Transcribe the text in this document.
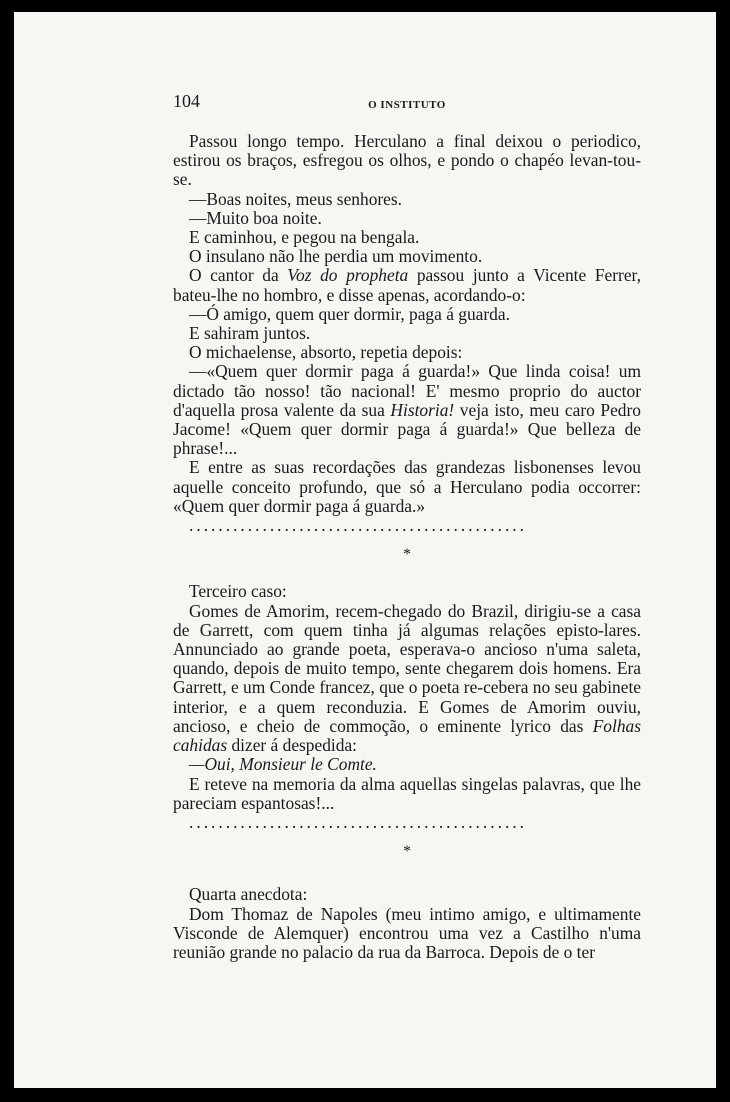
104	O INSTITUTO

Passou longo tempo. Herculano a final deixou o periodico, estirou os braços, esfregou os olhos, e pondo o chapéo levan-tou-se.

—Boas noites, meus senhores.

—Muito boa noite.

E caminhou, e pegou na bengala.

O insulano não lhe perdia um movimento.

O cantor da Voz do propheta passou junto a Vicente Ferrer, bateu-lhe no hombro, e disse apenas, acordando-o:

—Ó amigo, quem quer dormir, paga á guarda.

E sahiram juntos.

O michaelense, absorto, repetia depois:

—«Quem quer dormir paga á guarda!» Que linda coisa! um dictado tão nosso! tão nacional! E' mesmo proprio do auctor d'aquella prosa valente da sua Historia! veja isto, meu caro Pedro Jacome! «Quem quer dormir paga á guarda!» Que belleza de phrase!...

E entre as suas recordações das grandezas lisbonenses levou aquelle conceito profundo, que só a Herculano podia occorrer: «Quem quer dormir paga á guarda.»

..............................................

*

Terceiro caso:

Gomes de Amorim, recem-chegado do Brazil, dirigiu-se a casa de Garrett, com quem tinha já algumas relações episto-lares. Annunciado ao grande poeta, esperava-o ancioso n'uma saleta, quando, depois de muito tempo, sente chegarem dois homens. Era Garrett, e um Conde francez, que o poeta re-cebera no seu gabinete interior, e a quem reconduzia. E Gomes de Amorim ouviu, ancioso, e cheio de commoção, o eminente lyrico das Folhas cahidas dizer á despedida:

—Oui, Monsieur le Comte.

E reteve na memoria da alma aquellas singelas palavras, que lhe pareciam espantosas!...

..............................................

*

Quarta anecdota:

Dom Thomaz de Napoles (meu intimo amigo, e ultimamente Visconde de Alemquer) encontrou uma vez a Castilho n'uma reunião grande no palacio da rua da Barroca. Depois de o ter
